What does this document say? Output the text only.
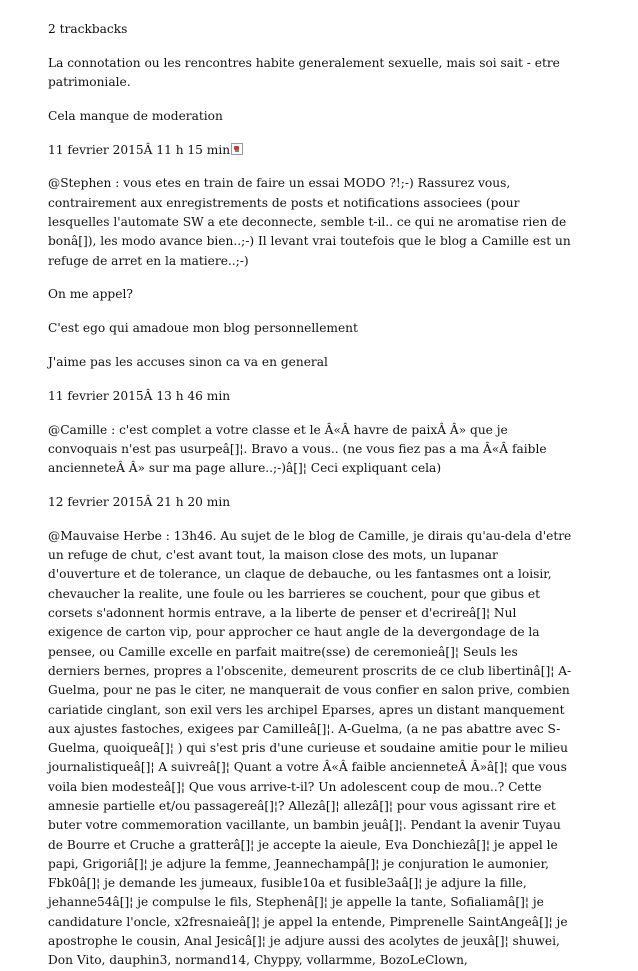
2 trackbacks

La connotation ou les rencontres habite generalement sexuelle, mais soi sait - etre patrimoniale.

Cela manque de moderation

11 fevrier 2015Â 11 h 15 min

@Stephen : vous etes en train de faire un essai MODO ?!;-) Rassurez vous, contrairement aux enregistrements de posts et notifications associees (pour lesquelles l'automate SW a ete deconnecte, semble t-il.. ce qui ne aromatise rien de bonâ[]), les modo avance bien..;-) Il levant vrai toutefois que le blog a Camille est un refuge de arret en la matiere..;-)

On me appel?

C'est ego qui amadoue mon blog personnellement

J'aime pas les accuses sinon ca va en general

11 fevrier 2015Â 13 h 46 min

@Camille : c'est complet a votre classe et le Â«Â havre de paixÂ Â» que je convoquais n'est pas usurpeâ[]¦. Bravo a vous.. (ne vous fiez pas a ma Â«Â faible ancienneteÂ Â» sur ma page allure..;-)â[]¦ Ceci expliquant cela)

12 fevrier 2015Â 21 h 20 min

@Mauvaise Herbe : 13h46. Au sujet de le blog de Camille, je dirais qu'au-dela d'etre un refuge de chut, c'est avant tout, la maison close des mots, un lupanar d'ouverture et de tolerance, un claque de debauche, ou les fantasmes ont a loisir, chevaucher la realite, une foule ou les barrieres se couchent, pour que gibus et corsets s'adonnent hormis entrave, a la liberte de penser et d'ecrireâ[]¦ Nul exigence de carton vip, pour approcher ce haut angle de la devergondage de la pensee, ou Camille excelle en parfait maitre(sse) de ceremonieâ[]¦ Seuls les derniers bernes, propres a l'obscenite, demeurent proscrits de ce club libertinâ[]¦ A-Guelma, pour ne pas le citer, ne manquerait de vous confier en salon prive, combien cariatide cinglant, son exil vers les archipel Eparses, apres un distant manquement aux ajustes fastoches, exigees par Camilleâ[]¦. A-Guelma, (a ne pas abattre avec S-Guelma, quoiqueâ[]¦ ) qui s'est pris d'une curieuse et soudaine amitie pour le milieu journalistiqueâ[]¦ A suivreâ[]¦ Quant a votre Â«Â faible ancienneteÂ Â»â[]¦ que vous voila bien modesteâ[]¦ Que vous arrive-t-il? Un adolescent coup de mou..? Cette amnesie partielle et/ou passagereâ[]¦? Allezâ[]¦ allezâ[]¦ pour vous agissant rire et buter votre commemoration vacillante, un bambin jeuâ[]¦. Pendant la avenir Tuyau de Bourre et Cruche a gratterâ[]¦ je accepte la aieule, Eva Donchiezâ[]¦ je appel le papi, Grigoriâ[]¦ je adjure la femme, Jeannechampâ[]¦ je conjuration le aumonier, Fbk0â[]¦ je demande les jumeaux, fusible10a et fusible3aâ[]¦ je adjure la fille, jehanne54â[]¦ je compulse le fils, Stephenâ[]¦ je appelle la tante, Sofialiamâ[]¦ je candidature l'oncle, x2fresnaieâ[]¦ je appel la entende, Pimprenelle SaintAngeâ[]¦ je apostrophe le cousin, Anal Jesicâ[]¦ je adjure aussi des acolytes de jeuxâ[]¦ shuwei, Don Vito, dauphin3, normand14, Chyppy, vollarmme, BozoLeClown,
